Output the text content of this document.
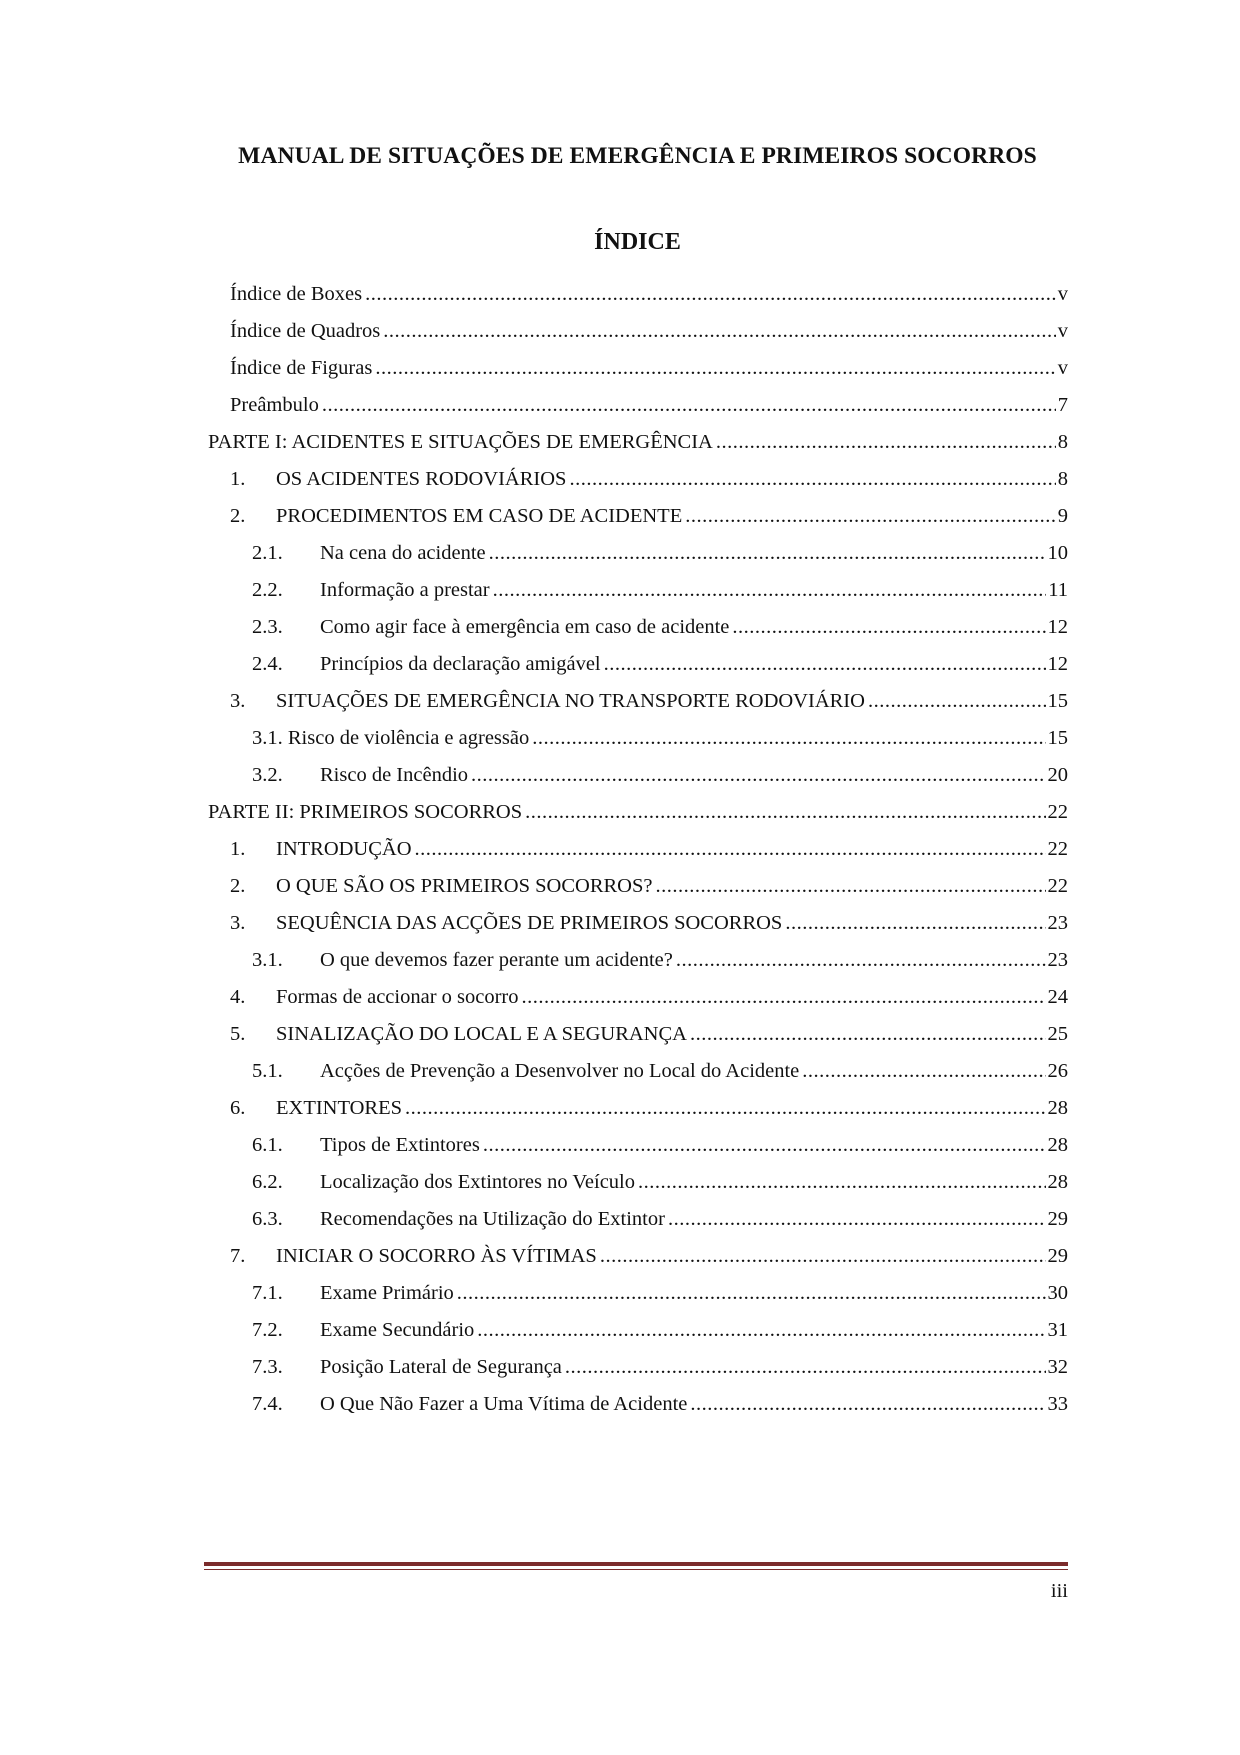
MANUAL DE SITUAÇÕES DE EMERGÊNCIA E PRIMEIROS SOCORROS
ÍNDICE
Índice de Boxes .....	v
Índice de Quadros .....	v
Índice de Figuras .....	v
Preâmbulo .....	7
PARTE I: ACIDENTES E SITUAÇÕES DE EMERGÊNCIA .....	8
1.	OS ACIDENTES RODOVIÁRIOS .....	8
2.	PROCEDIMENTOS EM CASO DE ACIDENTE .....	9
2.1.	Na cena do acidente .....	10
2.2.	Informação a prestar .....	11
2.3.	Como agir face à emergência em caso de acidente .....	12
2.4.	Princípios da declaração amigável .....	12
3.	SITUAÇÕES DE EMERGÊNCIA NO TRANSPORTE RODOVIÁRIO .....	15
3.1. Risco de violência e agressão .....	15
3.2.	Risco de Incêndio .....	20
PARTE II: PRIMEIROS SOCORROS .....	22
1.	INTRODUÇÃO .....	22
2.	O QUE SÃO OS PRIMEIROS SOCORROS? .....	22
3.	SEQUÊNCIA DAS ACÇÕES DE PRIMEIROS SOCORROS .....	23
3.1.	O que devemos fazer perante um acidente? .....	23
4.	Formas de accionar o socorro .....	24
5.	SINALIZAÇÃO DO LOCAL E A SEGURANÇA .....	25
5.1.	Acções de Prevenção a Desenvolver no Local do Acidente .....	26
6.	EXTINTORES .....	28
6.1.	Tipos de Extintores .....	28
6.2.	Localização dos Extintores no Veículo .....	28
6.3.	Recomendações na Utilização do Extintor .....	29
7.	INICIAR O SOCORRO ÀS VÍTIMAS .....	29
7.1.	Exame Primário .....	30
7.2.	Exame Secundário .....	31
7.3.	Posição Lateral de Segurança .....	32
7.4.	O Que Não Fazer a Uma Vítima de Acidente .....	33
iii
